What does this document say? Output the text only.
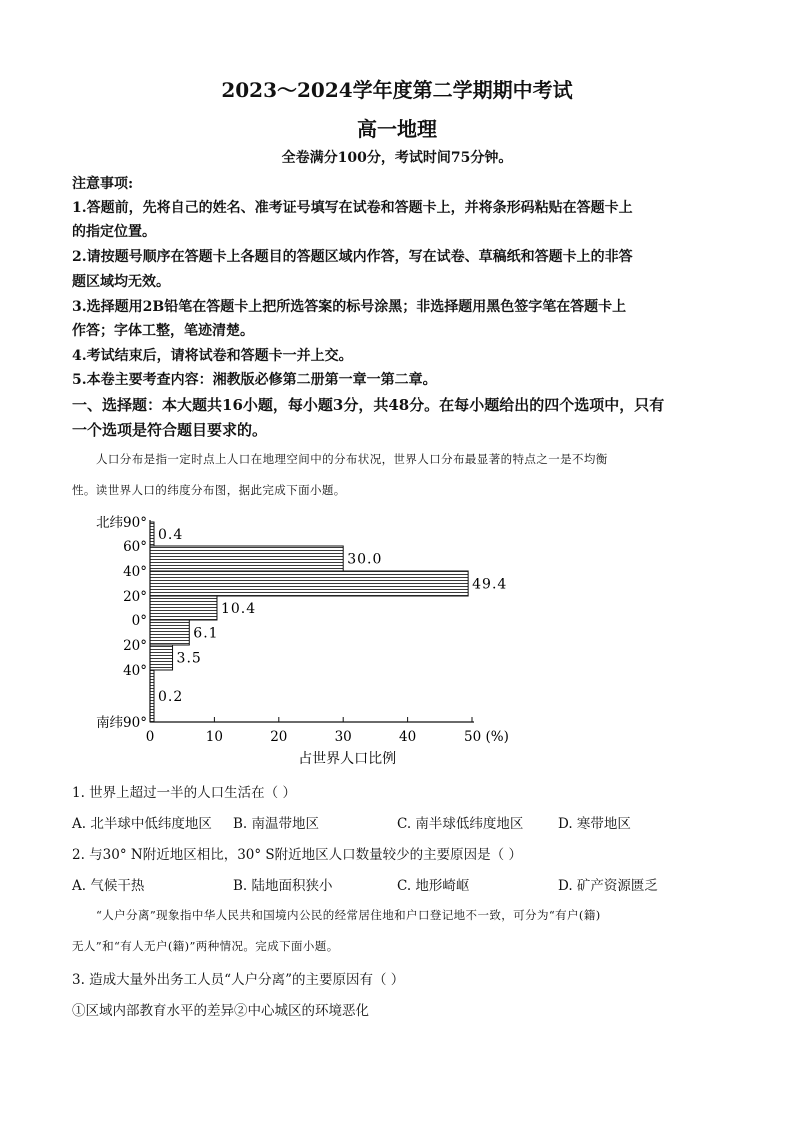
2023～2024学年度第二学期期中考试
高一地理
全卷满分100分，考试时间75分钟。
注意事项:
1.答题前，先将自己的姓名、准考证号填写在试卷和答题卡上，并将条形码粘贴在答题卡上
的指定位置。
2.请按题号顺序在答题卡上各题目的答题区域内作答，写在试卷、草稿纸和答题卡上的非答
题区域均无效。
3.选择题用2B铅笔在答题卡上把所选答案的标号涂黑；非选择题用黑色签字笔在答题卡上
作答；字体工整，笔迹清楚。
4.考试结束后，请将试卷和答题卡一并上交。
5.本卷主要考查内容：湘教版必修第二册第一章一第二章。
一、选择题：本大题共16小题，每小题3分，共48分。在每小题给出的四个选项中，只有
一个选项是符合题目要求的。
人口分布是指一定时点上人口在地理空间中的分布状况，世界人口分布最显著的特点之一是不均衡
性。读世界人口的纬度分布图，据此完成下面小题。
0.4
30.0
49.4
10.4
6.1
3.5
0.2
北纬90°
60°
40°
20°
0°
20°
40°
南纬90°
0	10	20	30	40	50 (%)
占世界人口比例
1. 世界上超过一半的人口生活在（ ）
A. 北半球中低纬度地区 B. 南温带地区	C. 南半球低纬度地区	D. 寒带地区
2. 与30° N附近地区相比，30° S附近地区人口数量较少的主要原因是（ ）
A. 气候干热	B. 陆地面积狭小	C. 地形崎岖	D. 矿产资源匮乏
“人户分离”现象指中华人民共和国境内公民的经常居住地和户口登记地不一致，可分为“有户(籍)
无人”和“有人无户(籍)”两种情况。完成下面小题。
3. 造成大量外出务工人员“人户分离”的主要原因有（ ）
①区域内部教育水平的差异②中心城区的环境恶化
